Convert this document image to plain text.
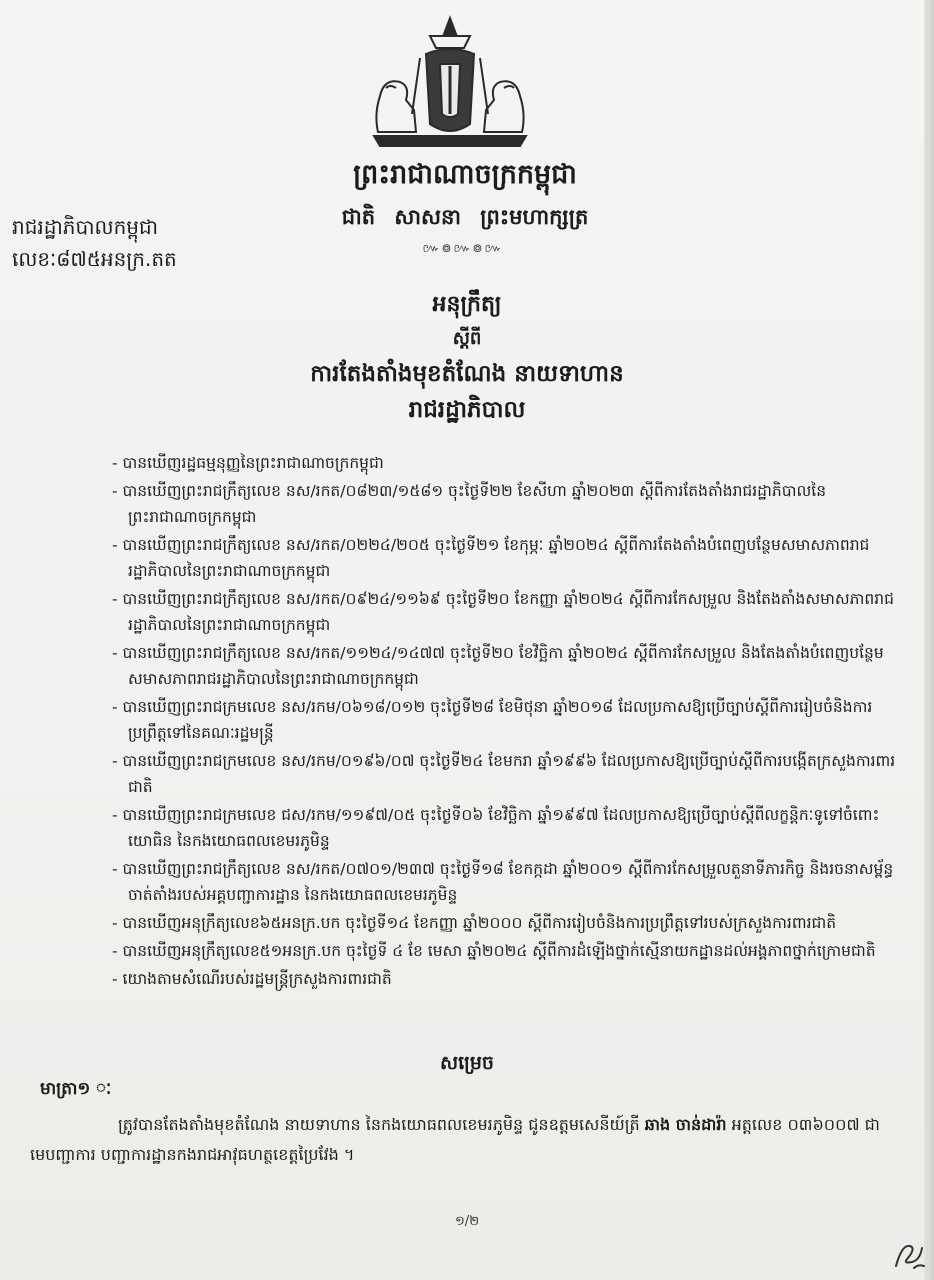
ព្រះរាជាណាចក្រកម្ពុជា
ជាតិ សាសនា ព្រះមហាក្សត្រ
៚៙៚៙៚
រាជរដ្ឋាភិបាលកម្ពុជា
លេខៈ៨៧៥អនក្រ.តត
អនុក្រឹត្យ
ស្តីពី
ការតែងតាំងមុខតំណែង នាយទាហាន
រាជរដ្ឋាភិបាល
- បានឃើញរដ្ឋធម្មនុញ្ញនៃព្រះរាជាណាចក្រកម្ពុជា
- បានឃើញព្រះរាជក្រឹត្យលេខ នស/រកត/០៨២៣/១៥៨១ ចុះថ្ងៃទី២២ ខែសីហា ឆ្នាំ២០២៣ ស្តីពីការតែងតាំងរាជរដ្ឋាភិបាលនៃព្រះរាជាណាចក្រកម្ពុជា
- បានឃើញព្រះរាជក្រឹត្យលេខ នស/រកត/០២២៤/២០៥ ចុះថ្ងៃទី២១ ខែកុម្ភៈ ឆ្នាំ២០២៤ ស្តីពីការតែងតាំងបំពេញបន្ថែមសមាសភាពរាជរដ្ឋាភិបាលនៃព្រះរាជាណាចក្រកម្ពុជា
- បានឃើញព្រះរាជក្រឹត្យលេខ នស/រកត/០៩២៤/១១៦៩ ចុះថ្ងៃទី២០ ខែកញ្ញា ឆ្នាំ២០២៤ ស្តីពីការកែសម្រួល និងតែងតាំងសមាសភាពរាជរដ្ឋាភិបាលនៃព្រះរាជាណាចក្រកម្ពុជា
- បានឃើញព្រះរាជក្រឹត្យលេខ នស/រកត/១១២៤/១៤៧៧ ចុះថ្ងៃទី២០ ខែវិច្ឆិកា ឆ្នាំ២០២៤ ស្តីពីការកែសម្រួល និងតែងតាំងបំពេញបន្ថែមសមាសភាពរាជរដ្ឋាភិបាលនៃព្រះរាជាណាចក្រកម្ពុជា
- បានឃើញព្រះរាជក្រមលេខ នស/រកម/០៦១៨/០១២ ចុះថ្ងៃទី២៨ ខែមិថុនា ឆ្នាំ២០១៨ ដែលប្រកាសឱ្យប្រើច្បាប់ស្តីពីការរៀបចំនិងការប្រព្រឹត្តទៅនៃគណៈរដ្ឋមន្ត្រី
- បានឃើញព្រះរាជក្រមលេខ នស/រកម/០១៩៦/០៧ ចុះថ្ងៃទី២៤ ខែមករា ឆ្នាំ១៩៩៦ ដែលប្រកាសឱ្យប្រើច្បាប់ស្តីពីការបង្កើតក្រសួងការពារជាតិ
- បានឃើញព្រះរាជក្រមលេខ ជស/រកម/១១៩៧/០៥ ចុះថ្ងៃទី០៦ ខែវិច្ឆិកា ឆ្នាំ១៩៩៧ ដែលប្រកាសឱ្យប្រើច្បាប់ស្តីពីលក្ខន្តិកៈទូទៅចំពោះយោធិន នៃកងយោធពលខេមរភូមិន្ទ
- បានឃើញព្រះរាជក្រឹត្យលេខ នស/រកត/០៧០១/២៣៧ ចុះថ្ងៃទី១៨ ខែកក្កដា ឆ្នាំ២០០១ ស្តីពីការកែសម្រួលតួនាទីភារកិច្ច និងរចនាសម្ព័ន្ធចាត់តាំងរបស់អគ្គបញ្ជាការដ្ឋាន នៃកងយោធពលខេមរភូមិន្ទ
- បានឃើញអនុក្រឹត្យលេខ៦៥អនក្រ.បក ចុះថ្ងៃទី១៤ ខែកញ្ញា ឆ្នាំ២០០០ ស្តីពីការរៀបចំនិងការប្រព្រឹត្តទៅរបស់ក្រសួងការពារជាតិ
- បានឃើញអនុក្រឹត្យលេខ៥១អនក្រ.បក ចុះថ្ងៃទី ៤ ខែ មេសា ឆ្នាំ២០២៤ ស្តីពីការដំឡើងថ្នាក់ស្មើនាយកដ្ឋានដល់អង្គភាពថ្នាក់ក្រោមជាតិ
- យោងតាមសំណើរបស់រដ្ឋមន្ត្រីក្រសួងការពារជាតិ
សម្រេច
មាត្រា១ ៈ
ត្រូវបានតែងតាំងមុខតំណែង នាយទាហាន នៃកងយោធពលខេមរភូមិន្ទ ជូនឧត្តមសេនីយ៍ត្រី ឆាង ចាន់ដារ៉ា អត្តលេខ ០៣៦០០៧ ជា មេបញ្ជាការ បញ្ជាការដ្ឋានកងរាជអាវុធហត្ថខេត្តប្រៃវែង ។
១/២
